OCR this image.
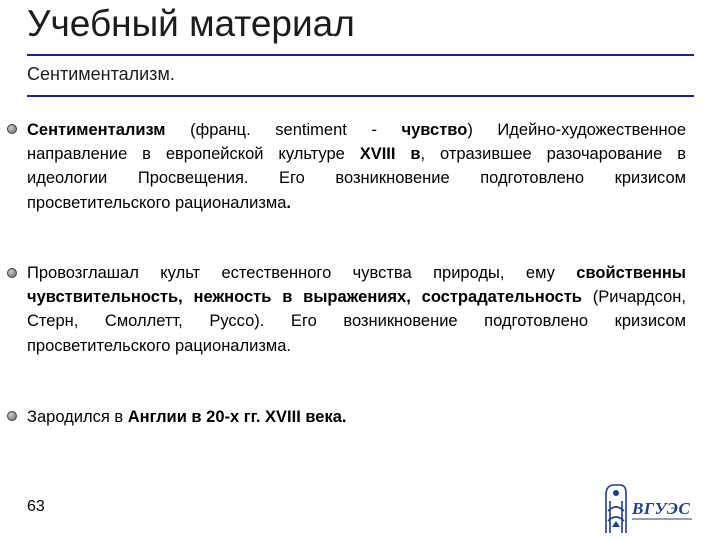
Учебный материал
Сентиментализм.
Сентиментализм (франц. sentiment - чувство) Идейно-художественное направление в европейской культуре XVIII в, отразившее разочарование в идеологии Просвещения. Его возникновение подготовлено кризисом просветительского рационализма.
Провозглашал культ естественного чувства природы, ему свойственны чувствительность, нежность в выражениях, сострадательность (Ричардсон, Стерн, Смоллетт, Руссо). Его возникновение подготовлено кризисом просветительского рационализма.
Зародился в Англии в 20-х гг. XVIII века.
63	ВГУЭС
